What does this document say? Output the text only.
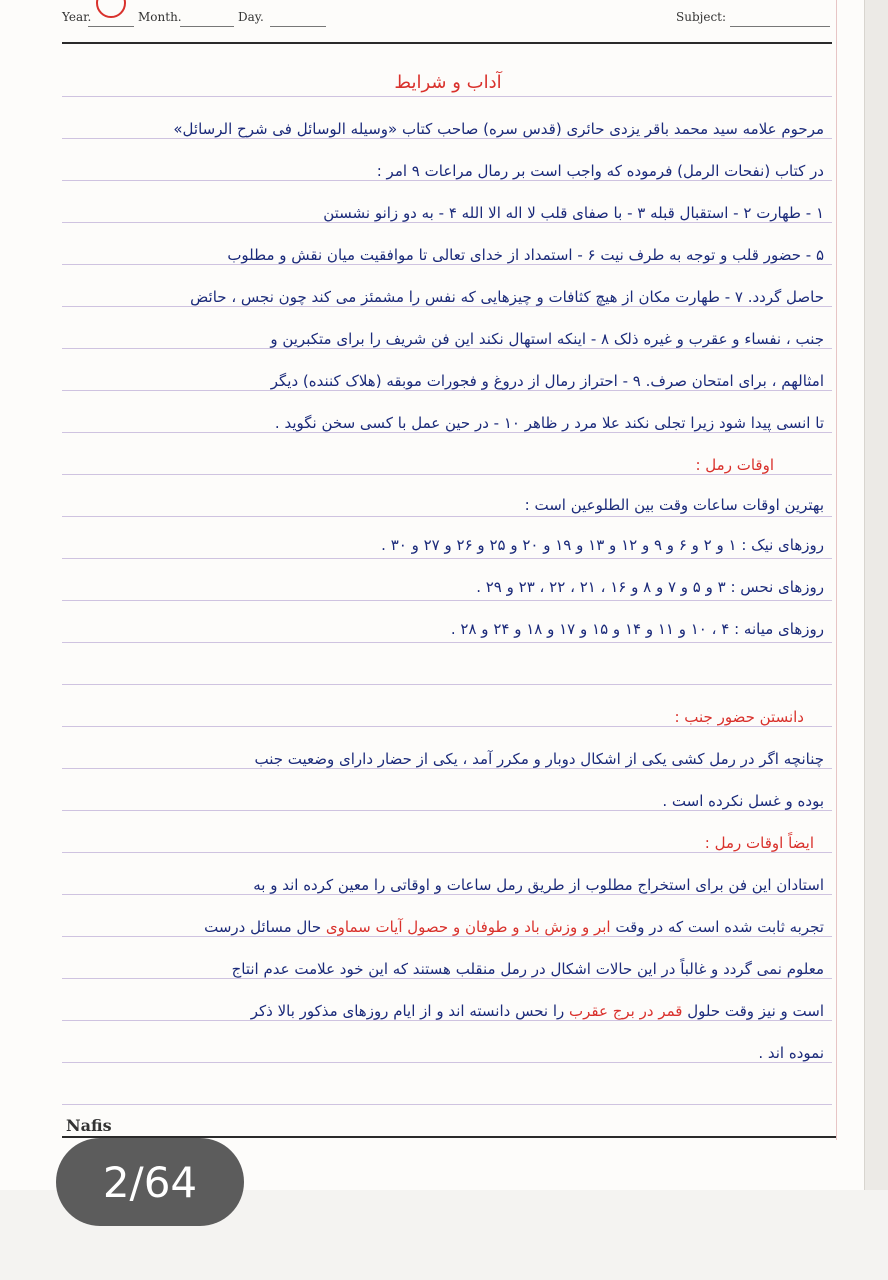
Year.	Month.	Day.	Subject:
آداب و شرایط
مرحوم علامه سید محمد باقر یزدی حائری (قدس سره) صاحب کتاب «وسیله الوسائل فی شرح الرسائل»
در کتاب (نفحات الرمل) فرموده که واجب است بر رمال مراعات ۹ امر :
۱ - طهارت ۲ - استقبال قبله ۳ - با صفای قلب لا اله الا الله ۴ - به دو زانو نشستن
۵ - حضور قلب و توجه به طرف نیت ۶ - استمداد از خدای تعالی تا موافقیت میان نقش و مطلوب
حاصل گردد. ۷ - طهارت مکان از هیچ کثافات و چیزهایی که نفس را مشمئز می کند چون نجس ، حائض
جنب ، نفساء و عقرب و غیره ذلک ۸ - اینکه استهال نکند این فن شریف را برای متکبرین و
امثالهم ، برای امتحان صرف. ۹ - احتراز رمال از دروغ و فجورات موبقه (هلاک کننده) دیگر
تا انسی پیدا شود زیرا تجلی نکند علا مرد ر ظاهر ۱۰ - در حین عمل با کسی سخن نگوید .
اوقات رمل :
بهترین اوقات ساعات وقت بین الطلوعین است :
روزهای نیک : ۱ و ۲ و ۶ و ۹ و ۱۲ و ۱۳ و ۱۹ و ۲۰ و ۲۵ و ۲۶ و ۲۷ و ۳۰ .
روزهای نحس : ۳ و ۵ و ۷ و ۸ و ۱۶ ، ۲۱ ، ۲۲ ، ۲۳ و ۲۹ .
روزهای میانه : ۴ ، ۱۰ و ۱۱ و ۱۴ و ۱۵ و ۱۷ و ۱۸ و ۲۴ و ۲۸ .
دانستن حضور جنب :
چنانچه اگر در رمل کشی یکی از اشکال دوبار و مکرر آمد ، یکی از حضار دارای وضعیت جنب
بوده و غسل نکرده است .
ایضاً اوقات رمل :
استادان این فن برای استخراج مطلوب از طریق رمل ساعات و اوقاتی را معین کرده اند و به
تجربه ثابت شده است که در وقت ابر و وزش باد و طوفان و حصول آیات سماوی حال مسائل درست
معلوم نمی گردد و غالباً در این حالات اشکال در رمل منقلب هستند که این خود علامت عدم انتاج
است و نیز وقت حلول قمر در برج عقرب را نحس دانسته اند و از ایام روزهای مذکور بالا ذکر
نموده اند .
Nafis
2/64
